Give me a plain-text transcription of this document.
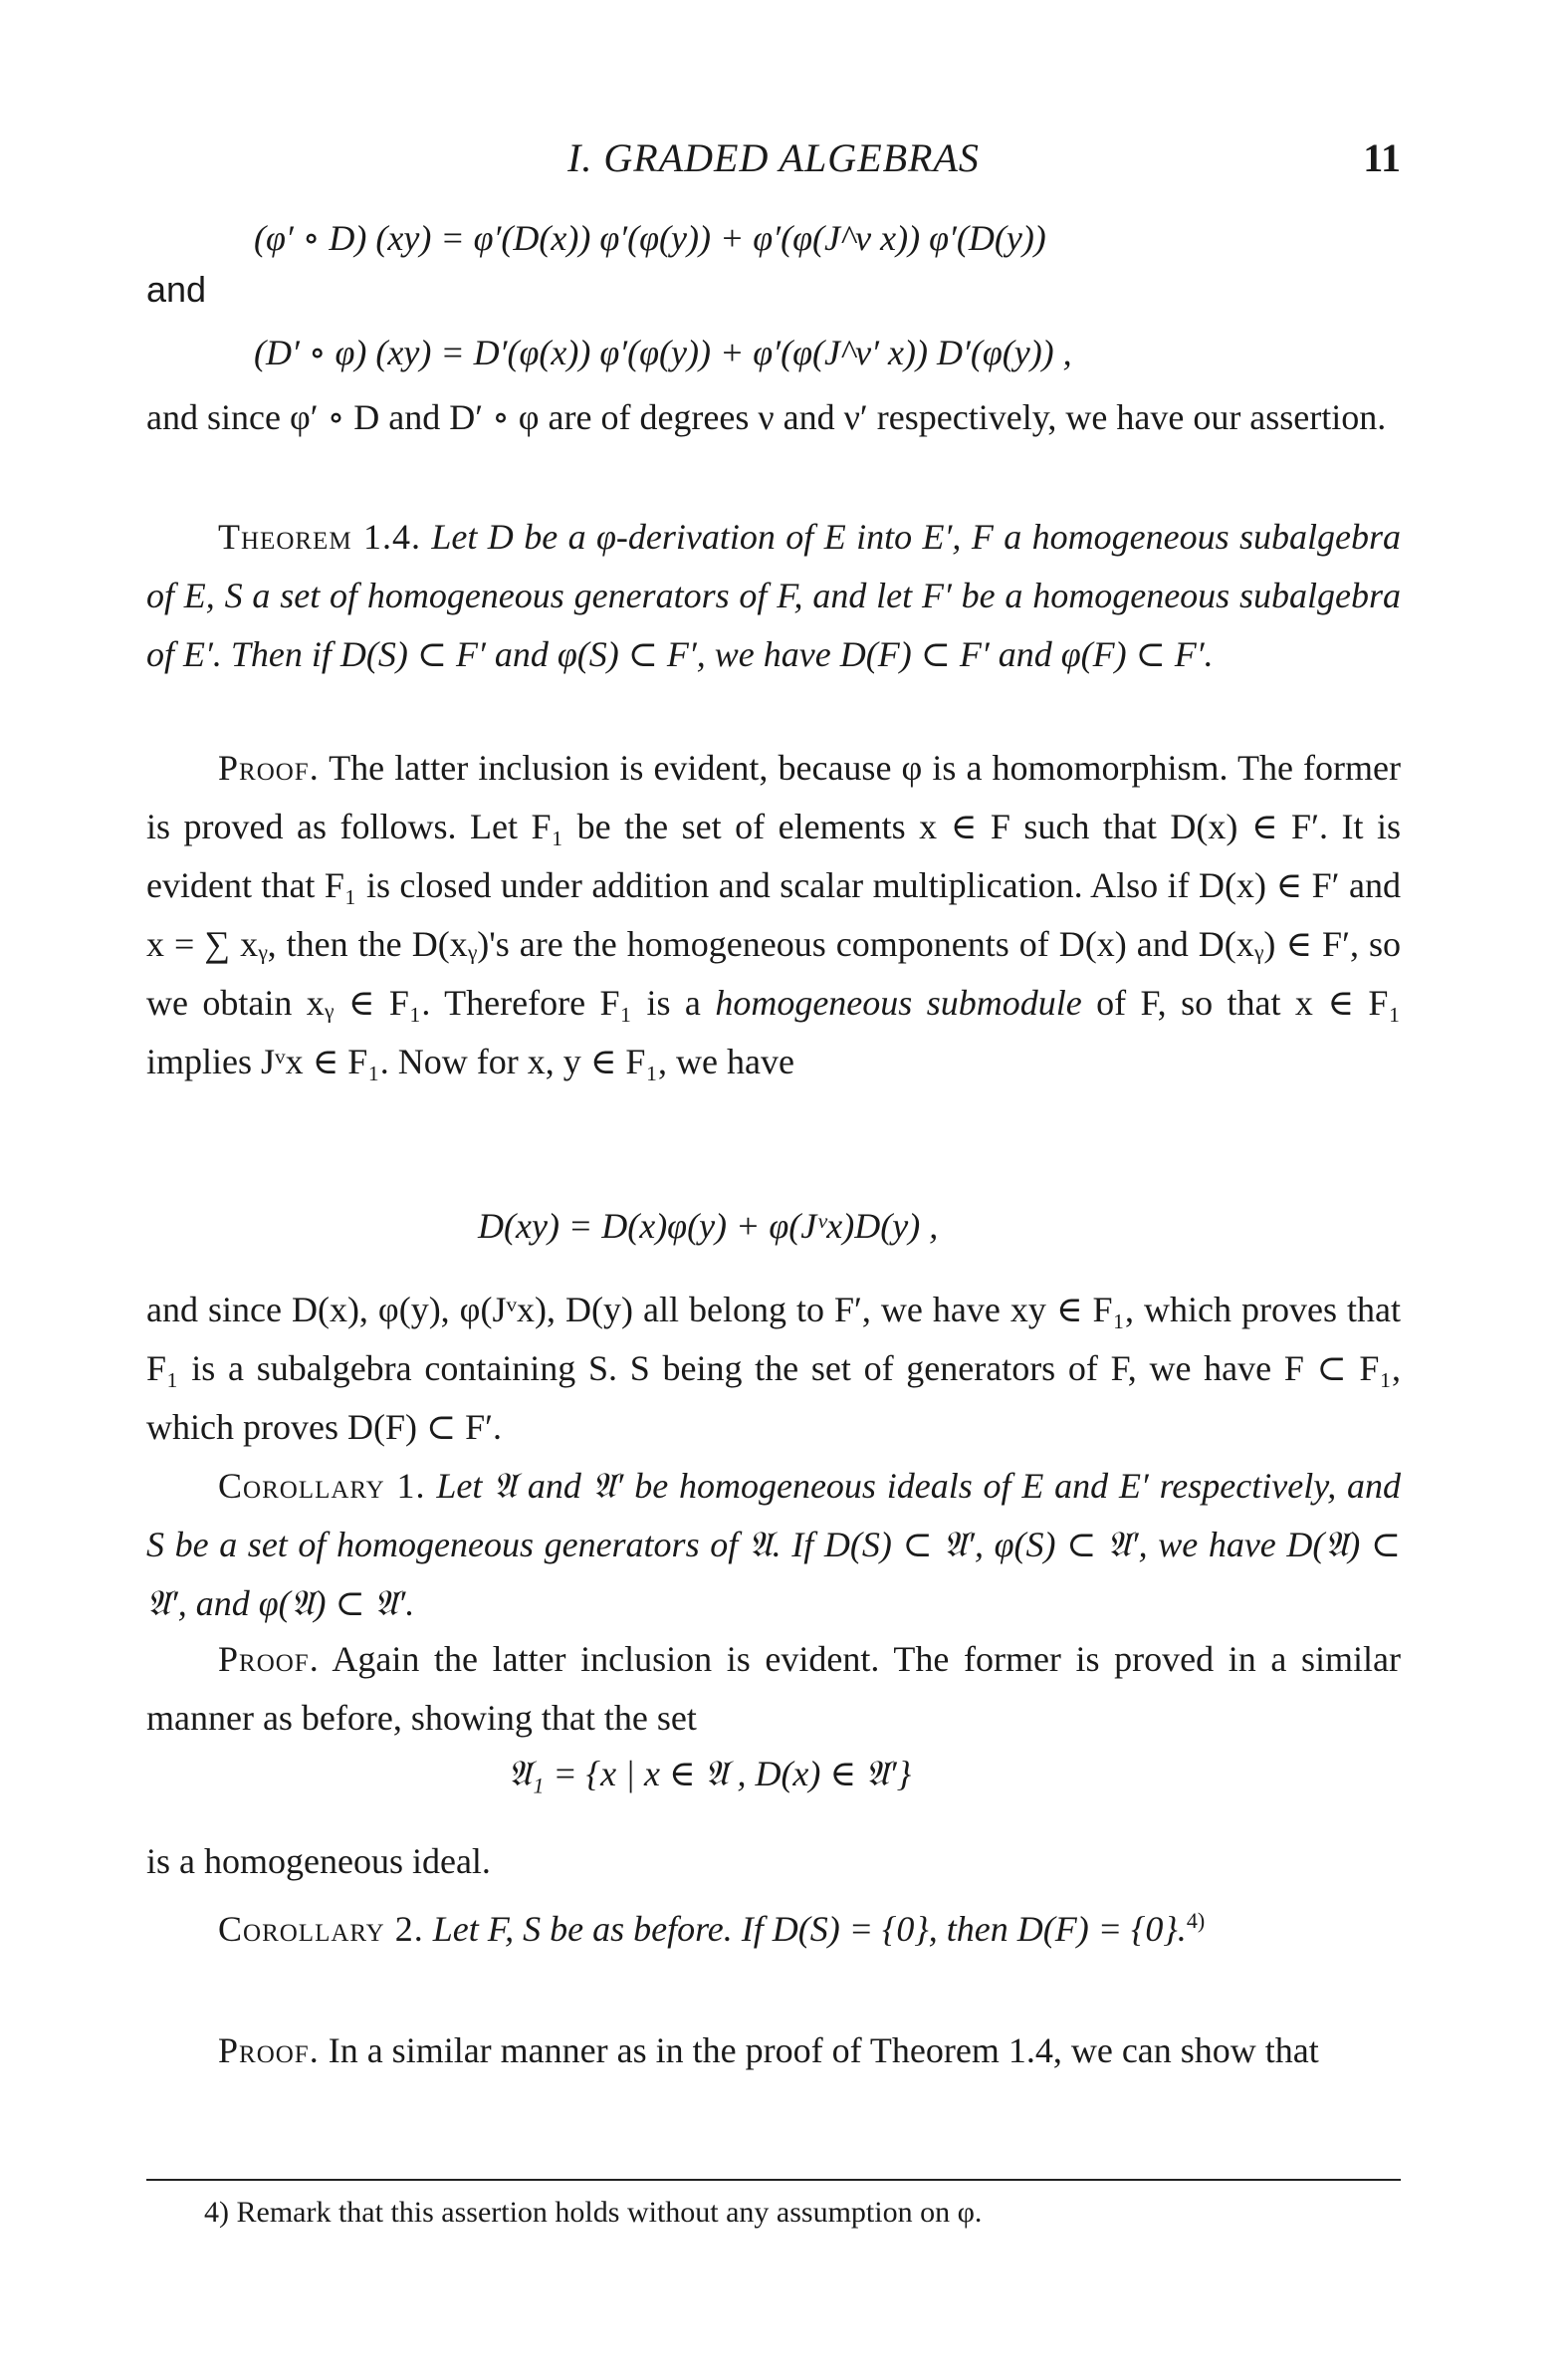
I. GRADED ALGEBRAS	11
(φ′ ∘ D) (xy) = φ′(D(x)) φ′(φ(y)) + φ′(φ(J^ν x)) φ′(D(y))
and
(D′ ∘ φ) (xy) = D′(φ(x)) φ′(φ(y)) + φ′(φ(J^ν′ x)) D′(φ(y)) ,

and since φ′ ∘ D and D′ ∘ φ are of degrees ν and ν′ respectively, we have our assertion.

Theorem 1.4. Let D be a φ-derivation of E into E′, F a homogeneous subalgebra of E, S a set of homogeneous generators of F, and let F′ be a homogeneous subalgebra of E′. Then if D(S) ⊂ F′ and φ(S) ⊂ F′, we have D(F) ⊂ F′ and φ(F) ⊂ F′.

Proof. The latter inclusion is evident, because φ is a homomorphism. The former is proved as follows. Let F₁ be the set of elements x ∈ F such that D(x) ∈ F′. It is evident that F₁ is closed under addition and scalar multiplication. Also if D(x) ∈ F′ and x = ∑ xᵧ, then the D(xᵧ)'s are the homogeneous components of D(x) and D(xᵧ) ∈ F′, so we obtain xᵧ ∈ F₁. Therefore F₁ is a homogeneous submodule of F, so that x ∈ F₁ implies Jᵛx ∈ F₁. Now for x, y ∈ F₁, we have

D(xy) = D(x)φ(y) + φ(Jᵛx)D(y) ,

and since D(x), φ(y), φ(Jᵛx), D(y) all belong to F′, we have xy ∈ F₁, which proves that F₁ is a subalgebra containing S. S being the set of generators of F, we have F ⊂ F₁, which proves D(F) ⊂ F′.

Corollary 1. Let 𝔄 and 𝔄′ be homogeneous ideals of E and E′ respectively, and S be a set of homogeneous generators of 𝔄. If D(S) ⊂ 𝔄′, φ(S) ⊂ 𝔄′, we have D(𝔄) ⊂ 𝔄′, and φ(𝔄) ⊂ 𝔄′.

Proof. Again the latter inclusion is evident. The former is proved in a similar manner as before, showing that the set

𝔄₁ = {x | x ∈ 𝔄 , D(x) ∈ 𝔄′}

is a homogeneous ideal.

Corollary 2. Let F, S be as before. If D(S) = {0}, then D(F) = {0}.$^{4)}$

Proof. In a similar manner as in the proof of Theorem 1.4, we can show that

4) Remark that this assertion holds without any assumption on φ.
